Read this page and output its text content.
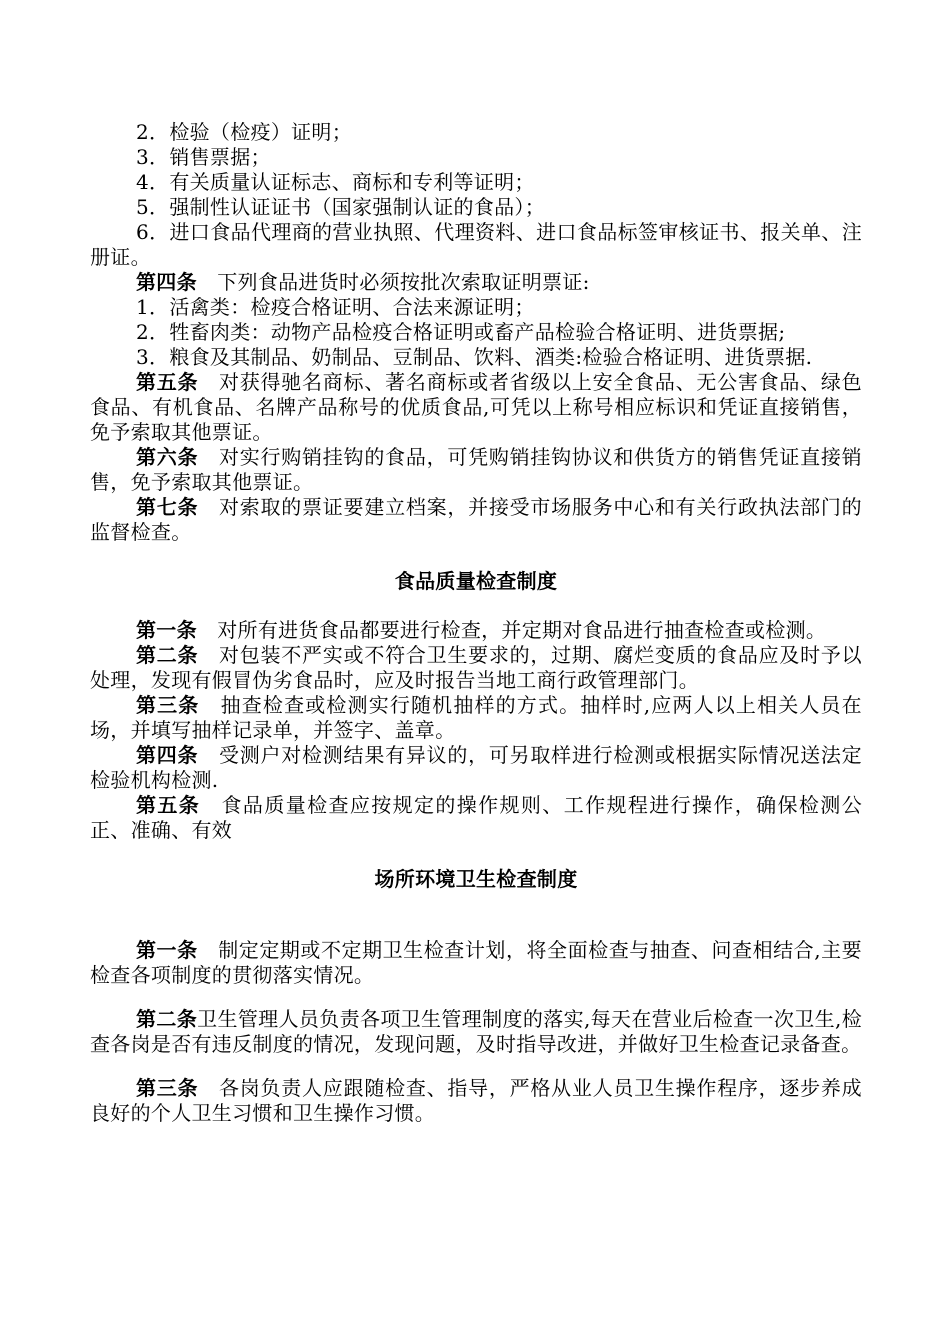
2．检验（检疫）证明；

3．销售票据；

4．有关质量认证标志、商标和专利等证明；

5．强制性认证证书（国家强制认证的食品）；

6．进口食品代理商的营业执照、代理资料、进口食品标签审核证书、报关单、注册证。

第四条　 下列食品进货时必须按批次索取证明票证:

1．活禽类：检疫合格证明、合法来源证明；

2．牲畜肉类：动物产品检疫合格证明或畜产品检验合格证明、进货票据;

3．粮食及其制品、奶制品、豆制品、饮料、酒类:检验合格证明、进货票据.

第五条　 对获得驰名商标、著名商标或者省级以上安全食品、无公害食品、绿色食品、有机食品、名牌产品称号的优质食品,可凭以上称号相应标识和凭证直接销售，免予索取其他票证。

第六条　 对实行购销挂钩的食品，可凭购销挂钩协议和供货方的销售凭证直接销售，免予索取其他票证。

第七条　 对索取的票证要建立档案，并接受市场服务中心和有关行政执法部门的监督检查。

食品质量检查制度

第一条　 对所有进货食品都要进行检查，并定期对食品进行抽查检查或检测。

第二条　 对包装不严实或不符合卫生要求的，过期、腐烂变质的食品应及时予以处理，发现有假冒伪劣食品时，应及时报告当地工商行政管理部门。

第三条　 抽查检查或检测实行随机抽样的方式。抽样时,应两人以上相关人员在场，并填写抽样记录单，并签字、盖章。

第四条　 受测户对检测结果有异议的，可另取样进行检测或根据实际情况送法定检验机构检测.

第五条　 食品质量检查应按规定的操作规则、工作规程进行操作，确保检测公正、准确、有效

场所环境卫生检查制度

第一条　 制定定期或不定期卫生检查计划，将全面检查与抽查、问查相结合,主要检查各项制度的贯彻落实情况。

第二条卫生管理人员负责各项卫生管理制度的落实,每天在营业后检查一次卫生,检查各岗是否有违反制度的情况，发现问题，及时指导改进，并做好卫生检查记录备查。

第三条　 各岗负责人应跟随检查、指导，严格从业人员卫生操作程序，逐步养成良好的个人卫生习惯和卫生操作习惯。
